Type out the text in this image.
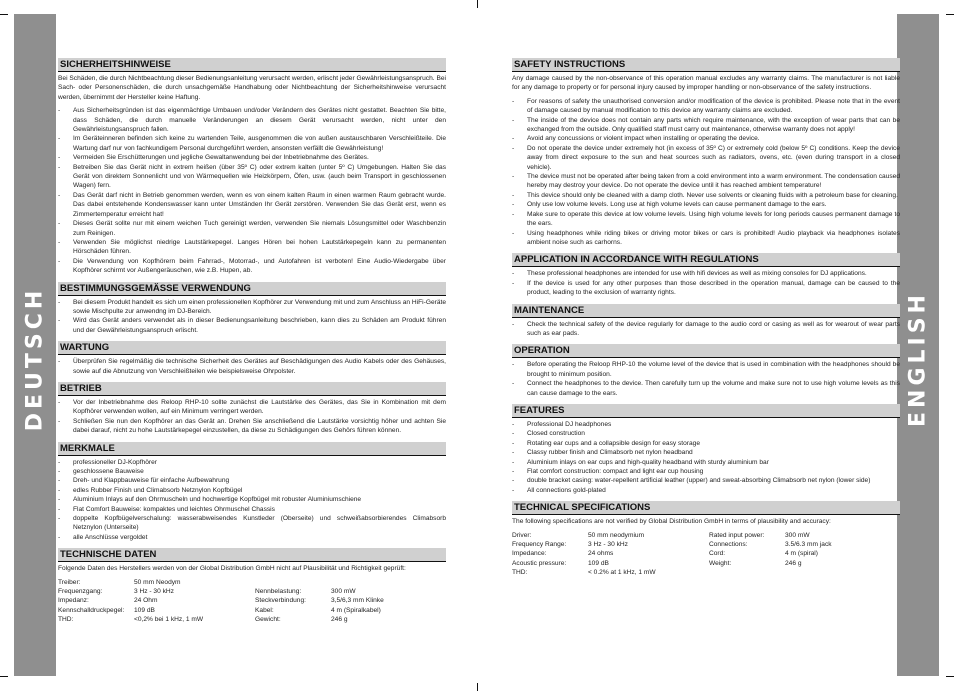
DEUTSCH
SICHERHEITSHINWEISE

Bei Schäden, die durch Nichtbeachtung dieser Bedienungsanleitung verursacht werden, erlischt jeder Gewährleistungsanspruch. Bei Sach- oder Personenschäden, die durch unsachgemäße Handhabung oder Nichtbeachtung der Sicherheitshinweise verursacht werden, übernimmt der Hersteller keine Haftung.

- Aus Sicherheitsgründen ist das eigenmächtige Umbauen und/oder Verändern des Gerätes nicht gestattet. Beachten Sie bitte, dass Schäden, die durch manuelle Veränderungen an diesem Gerät verursacht werden, nicht unter den Gewährleistungsanspruch fallen.
- Im Geräteinneren befinden sich keine zu wartenden Teile, ausgenommen die von außen austauschbaren Verschleißteile. Die Wartung darf nur von fachkundigem Personal durchgeführt werden, ansonsten verfällt die Gewährleistung!
- Vermeiden Sie Erschütterungen und jegliche Gewaltanwendung bei der Inbetriebnahme des Gerätes.
- Betreiben Sie das Gerät nicht in extrem heißen (über 35º C) oder extrem kalten (unter 5º C) Umgebungen. Halten Sie das Gerät von direktem Sonnenlicht und von Wärmequellen wie Heizkörpern, Öfen, usw. (auch beim Transport in geschlossenen Wagen) fern.
- Das Gerät darf nicht in Betrieb genommen werden, wenn es von einem kalten Raum in einen warmen Raum gebracht wurde. Das dabei entstehende Kondenswasser kann unter Umständen Ihr Gerät zerstören. Verwenden Sie das Gerät erst, wenn es Zimmertemperatur erreicht hat!
- Dieses Gerät sollte nur mit einem weichen Tuch gereinigt werden, verwenden Sie niemals Lösungsmittel oder Waschbenzin zum Reinigen.
- Verwenden Sie möglichst niedrige Lautstärkepegel. Langes Hören bei hohen Lautstärkepegeln kann zu permanenten Hörschäden führen.
- Die Verwendung von Kopfhörern beim Fahrrad-, Motorrad-, und Autofahren ist verboten! Eine Audio-Wiedergabe über Kopfhörer schirmt vor Außengeräuschen, wie z.B. Hupen, ab.
BESTIMMUNGSGEMÄSSE VERWENDUNG
- Bei diesem Produkt handelt es sich um einen professionellen Kopfhörer zur Verwendung mit und zum Anschluss an HiFi-Geräte sowie Mischpulte zur anwendng im DJ-Bereich.
- Wird das Gerät anders verwendet als in dieser Bedienungsanleitung beschrieben, kann dies zu Schäden am Produkt führen und der Gewährleistungsanspruch erlischt.
WARTUNG
- Überprüfen Sie regelmäßig die technische Sicherheit des Gerätes auf Beschädigungen des Audio Kabels oder des Gehäuses, sowie auf die Abnutzung von Verschleißteilen wie beispielsweise Ohrpolster.
BETRIEB
- Vor der Inbetriebnahme des Reloop RHP-10 sollte zunächst die Lautstärke des Gerätes, das Sie in Kombination mit dem Kopfhörer verwenden wollen, auf ein Minimum verringert werden.
- Schließen Sie nun den Kopfhörer an das Gerät an. Drehen Sie anschließend die Lautstärke vorsichtig höher und achten Sie dabei darauf, nicht zu hohe Lautstärkepegel einzustellen, da diese zu Schädigungen des Gehörs führen können.
MERKMALE
- professioneller DJ-Kopfhörer
- geschlossene Bauweise
- Dreh- und Klappbauweise für einfache Aufbewahrung
- edles Rubber Finish und Climabsorb Netznylon Kopfbügel
- Aluminium Inlays auf den Ohrmuscheln und hochwertige Kopfbügel mit robuster Aluminiumschiene
- Flat Comfort Bauweise: kompaktes und leichtes Ohrmuschel Chassis
- doppelte Kopfbügelverschalung: wasserabweisendes Kunstleder (Oberseite) und schweißabsorbierendes Climabsorb Netznylon (Unterseite)
- alle Anschlüsse vergoldet
TECHNISCHE DATEN

Folgende Daten des Herstellers werden von der Global Distribution GmbH nicht auf Plausibilität und Richtigkeit geprüft:

Treiber:	50 mm Neodym		
Frequenzgang:	3 Hz - 30 kHz	Nennbelastung:	300 mW
Impedanz:	24 Ohm	Steckverbindung:	3,5/6,3 mm Klinke
Kennschalldruckpegel:	109 dB	Kabel:	4 m (Spiralkabel)
THD:	<0,2% bei 1 kHz, 1 mW	Gewicht:	246 g
ENGLISH
SAFETY INSTRUCTIONS

Any damage caused by the non-observance of this operation manual excludes any warranty claims. The manufacturer is not liable for any damage to property or for personal injury caused by improper handling or non-observance of the safety instructions.

- For reasons of safety the unauthorised conversion and/or modification of the device is prohibited. Please note that in the event of damage caused by manual modification to this device any warranty claims are excluded.
- The inside of the device does not contain any parts which require maintenance, with the exception of wear parts that can be exchanged from the outside. Only qualified staff must carry out maintenance, otherwise warranty does not apply!
- Avoid any concussions or violent impact when installing or operating the device.
- Do not operate the device under extremely hot (in excess of 35º C) or extremely cold (below 5º C) conditions. Keep the device away from direct exposure to the sun and heat sources such as radiators, ovens, etc. (even during transport in a closed vehicle).
- The device must not be operated after being taken from a cold environment into a warm environment. The condensation caused hereby may destroy your device. Do not operate the device until it has reached ambient temperature!
- This device should only be cleaned with a damp cloth. Never use solvents or cleaning fluids with a petroleum base for cleaning.
- Only use low volume levels. Long use at high volume levels can cause permanent damage to the ears.
- Make sure to operate this device at low volume levels. Using high volume levels for long periods causes permanent damage to the ears.
- Using headphones while riding bikes or driving motor bikes or cars is prohibited! Audio playback via headphones isolates ambient noise such as carhorns.
APPLICATION IN ACCORDANCE WITH REGULATIONS
- These professional headphones are intended for use with hifi devices as well as mixing consoles for DJ applications.
- If the device is used for any other purposes than those described in the operation manual, damage can be caused to the product, leading to the exclusion of warranty rights.
MAINTENANCE
- Check the technical safety of the device regularly for damage to the audio cord or casing as well as for wearout of wear parts such as ear pads.
OPERATION
- Before operating the Reloop RHP-10 the volume level of the device that is used in combination with the headphones should be brought to minimum position.
- Connect the headphones to the device. Then carefully turn up the volume and make sure not to use high volume levels as this can cause damage to the ears.
FEATURES
- Professional DJ headphones
- Closed construction
- Rotating ear cups and a collapsible design for easy storage
- Classy rubber finish and Climabsorb net nylon headband
- Aluminium inlays on ear cups and high-quality headband with sturdy aluminium bar
- Flat comfort construction: compact and light ear cup housing
- double bracket casing: water-repellent artificial leather (upper) and sweat-absorbing Climabsorb net nylon (lower side)
- All connections gold-plated
TECHNICAL SPECIFICATIONS

The following specifications are not verified by Global Distribution GmbH in terms of plausibility and accuracy:

Driver:	50 mm neodymium	Rated input power:	300 mW
Frequency Range:	3 Hz - 30 kHz	Connections:	3.5/6.3 mm jack
Impedance:	24 ohms	Cord:	4 m (spiral)
Acoustic pressure:	109 dB	Weight:	246 g
THD:	< 0.2% at 1 kHz, 1 mW		
